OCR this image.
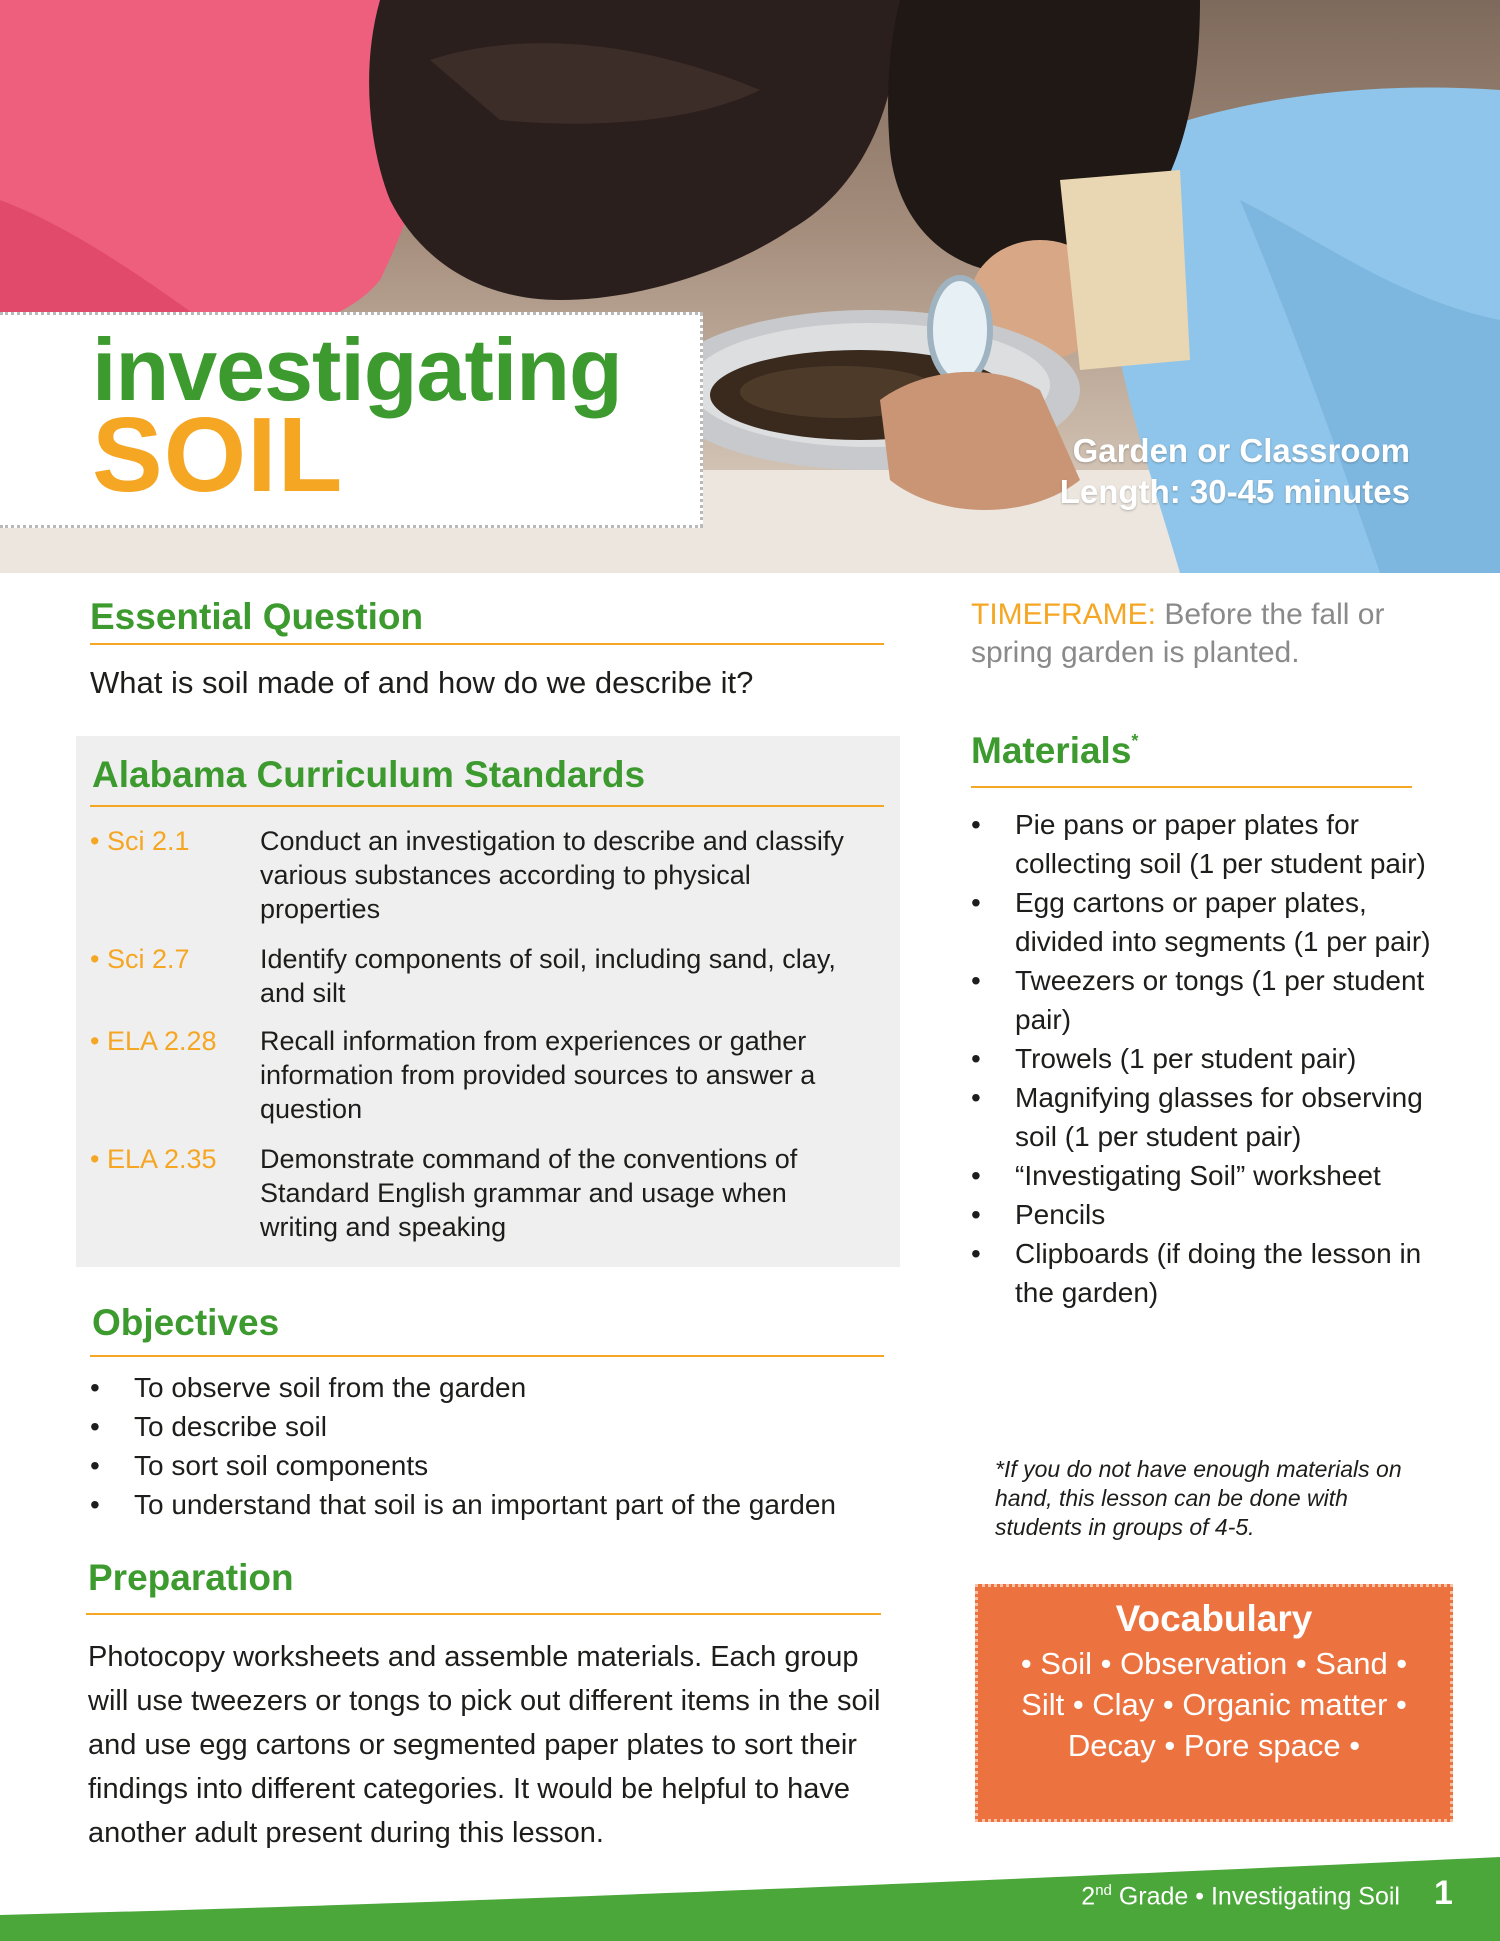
investigating
SOIL	Garden or Classroom
Length: 30-45 minutes
Essential Question
What is soil made of and how do we describe it?
Alabama Curriculum Standards
• Sci 2.1	Conduct an investigation to describe and classify various substances according to physical properties
• Sci 2.7	Identify components of soil, including sand, clay, and silt
• ELA 2.28 Recall information from experiences or gather information from provided sources to answer a question
• ELA 2.35 Demonstrate command of the conventions of Standard English grammar and usage when writing and speaking
Objectives
• To observe soil from the garden
• To describe soil
• To sort soil components
• To understand that soil is an important part of the garden
Preparation
Photocopy worksheets and assemble materials. Each group will use tweezers or tongs to pick out different items in the soil and use egg cartons or segmented paper plates to sort their findings into different categories. It would be helpful to have another adult present during this lesson.
TIMEFRAME: Before the fall or spring garden is planted.
Materials*
• Pie pans or paper plates for collecting soil (1 per student pair)
• Egg cartons or paper plates, divided into segments (1 per pair)
• Tweezers or tongs (1 per student pair)
• Trowels (1 per student pair)
• Magnifying glasses for observing soil (1 per student pair)
• “Investigating Soil” worksheet
• Pencils
• Clipboards (if doing the lesson in the garden)
*If you do not have enough materials on hand, this lesson can be done with students in groups of 4-5.
Vocabulary
• Soil • Observation • Sand • Silt • Clay • Organic matter • Decay • Pore space •
2nd Grade • Investigating Soil 1
